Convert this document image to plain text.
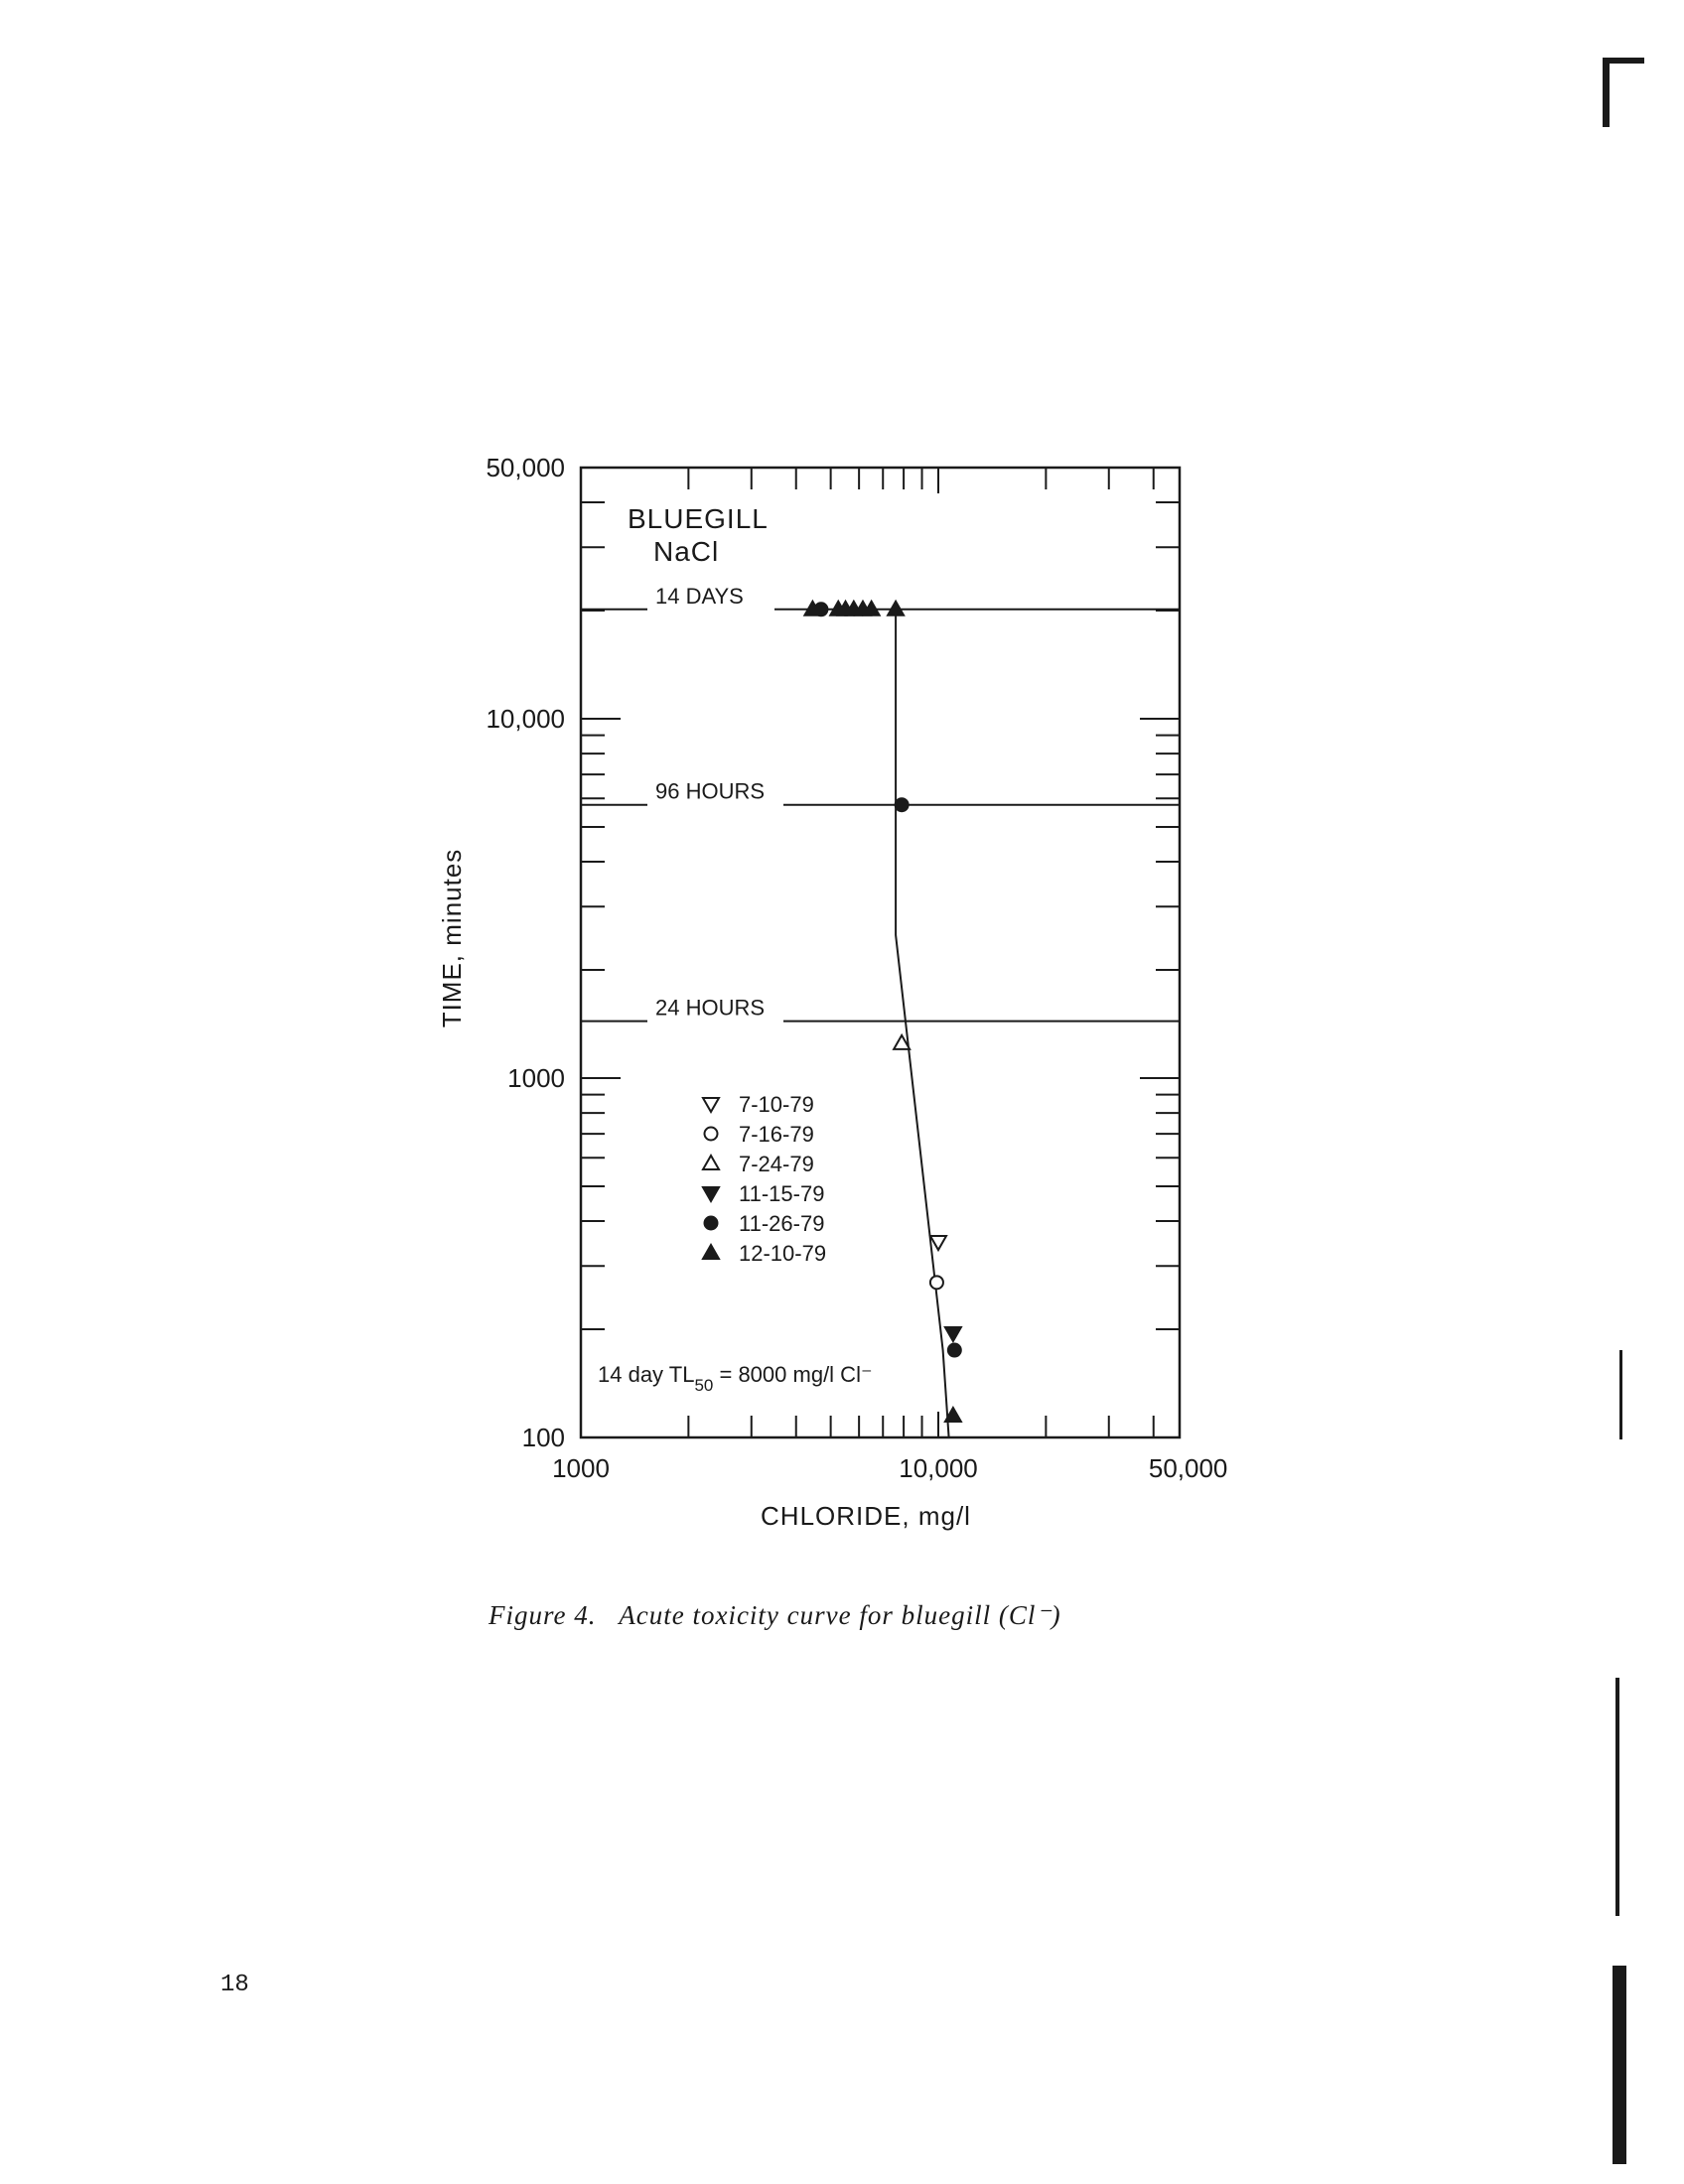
14 DAYS
96 HOURS
24 HOURS
1000	10,000	50,000
100
1000
10,000
50,000
BLUEGILL
NaCl
TIME, minutes
CHLORIDE, mg/l
14 day $TL_{50} = 8000$ mg/l Cl⁻
7-10-79
7-16-79
7-24-79
11-15-79
11-26-79
12-10-79
Figure 4.   Acute toxicity curve for bluegill (Cl⁻)
18
